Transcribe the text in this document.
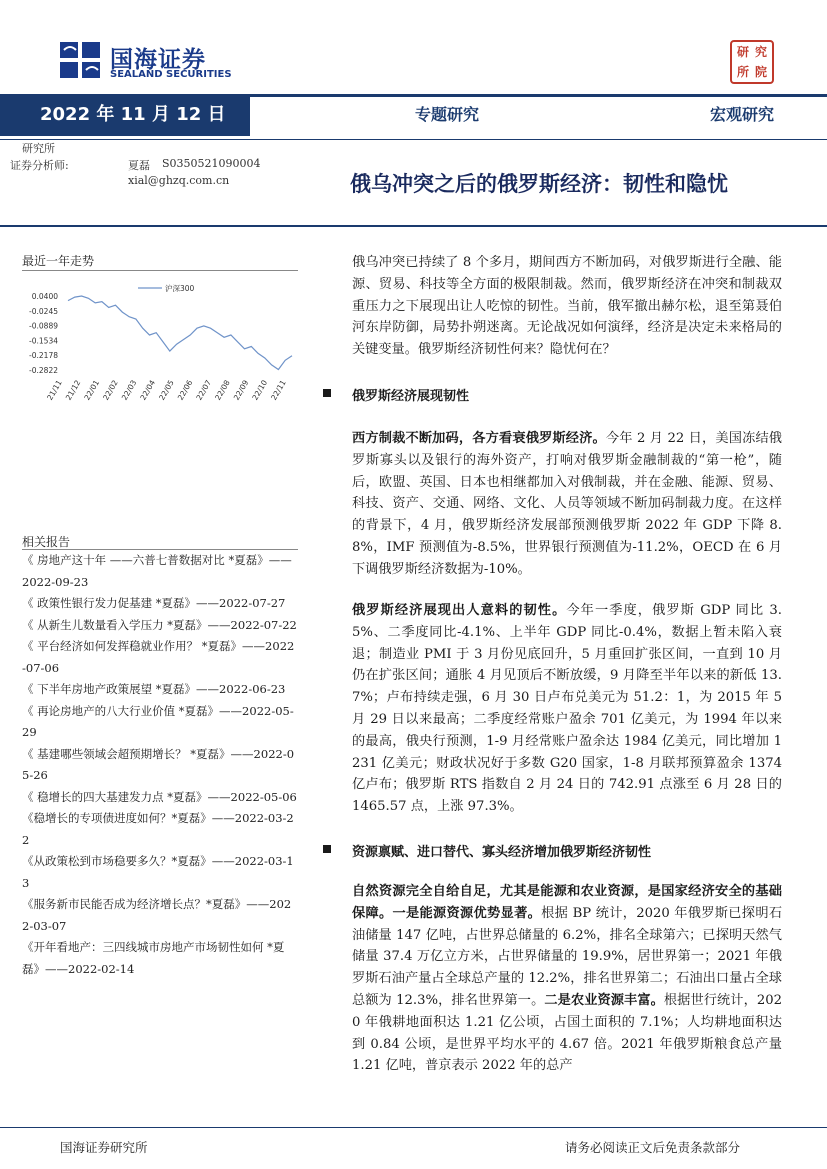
国海证券
SEALAND SECURITIES
研 究
所 院
2022 年 11 月 12 日	专题研究	宏观研究
研究所
证券分析师:	夏磊 S0350521090004
xial@ghzq.com.cn	俄乌冲突之后的俄罗斯经济：韧性和隐忧
最近一年走势
0.0400
-0.0245
-0.0889
-0.1534
-0.2178
-0.2822
21/11 21/12 22/01 22/02 22/03 22/04 22/05 22/06 22/07 22/08 22/09 22/10 22/11
沪深300
相关报告
《 房地产这十年 ——六普七普数据对比 *夏磊》——2022-09-23
《 政策性银行发力促基建 *夏磊》——2022-07-27
《 从新生儿数量看入学压力 *夏磊》——2022-07-22
《 平台经济如何发挥稳就业作用？ *夏磊》——2022-07-06
《 下半年房地产政策展望 *夏磊》——2022-06-23
《 再论房地产的八大行业价值 *夏磊》——2022-05-29
《 基建哪些领域会超预期增长？ *夏磊》——2022-05-26
《 稳增长的四大基建发力点 *夏磊》——2022-05-06
《稳增长的专项债进度如何？*夏磊》——2022-03-22
《从政策松到市场稳要多久？*夏磊》——2022-03-13
《服务新市民能否成为经济增长点？*夏磊》——2022-03-07
《开年看地产：三四线城市房地产市场韧性如何 *夏磊》——2022-02-14
俄乌冲突已持续了 8 个多月，期间西方不断加码，对俄罗斯进行全融、能源、贸易、科技等全方面的极限制裁。然而，俄罗斯经济在冲突和制裁双重压力之下展现出让人吃惊的韧性。当前，俄军撤出赫尔松，退至第聂伯河东岸防御，局势扑朔迷离。无论战况如何演绎，经济是决定未来格局的关键变量。俄罗斯经济韧性何来？隐忧何在？
俄罗斯经济展现韧性
西方制裁不断加码，各方看衰俄罗斯经济。今年 2 月 22 日，美国冻结俄罗斯寡头以及银行的海外资产，打响对俄罗斯金融制裁的“第一枪”，随后，欧盟、英国、日本也相继都加入对俄制裁，并在金融、能源、贸易、科技、资产、交通、网络、文化、人员等领域不断加码制裁力度。在这样的背景下，4 月，俄罗斯经济发展部预测俄罗斯 2022 年 GDP 下降 8.8%，IMF 预测值为-8.5%，世界银行预测值为-11.2%，OECD 在 6 月下调俄罗斯经济数据为-10%。
俄罗斯经济展现出人意料的韧性。今年一季度，俄罗斯 GDP 同比 3.5%、二季度同比-4.1%、上半年 GDP 同比-0.4%，数据上暂未陷入衰退；制造业 PMI 于 3 月份见底回升，5 月重回扩张区间，一直到 10 月仍在扩张区间；通胀 4 月见顶后不断放缓，9 月降至半年以来的新低 13.7%；卢布持续走强，6 月 30 日卢布兑美元为 51.2：1，为 2015 年 5 月 29 日以来最高；二季度经常账户盈余 701 亿美元，为 1994 年以来的最高，俄央行预测，1-9 月经常账户盈余达 1984 亿美元，同比增加 1231 亿美元；财政状况好于多数 G20 国家，1-8 月联邦预算盈余 1374 亿卢布；俄罗斯 RTS 指数自 2 月 24 日的 742.91 点涨至 6 月 28 日的 1465.57 点，上涨 97.3%。
资源禀赋、进口替代、寡头经济增加俄罗斯经济韧性
自然资源完全自给自足，尤其是能源和农业资源，是国家经济安全的基础保障。一是能源资源优势显著。根据 BP 统计，2020 年俄罗斯已探明石油储量 147 亿吨，占世界总储量的 6.2%，排名全球第六；已探明天然气储量 37.4 万亿立方米，占世界储量的 19.9%，居世界第一；2021 年俄罗斯石油产量占全球总产量的 12.2%，排名世界第二；石油出口量占全球总额为 12.3%，排名世界第一。二是农业资源丰富。根据世行统计，2020 年俄耕地面积达 1.21 亿公顷，占国土面积的 7.1%；人均耕地面积达到 0.84 公顷，是世界平均水平的 4.67 倍。2021 年俄罗斯粮食总产量 1.21 亿吨，普京表示 2022 年的总产
国海证券研究所	请务必阅读正文后免责条款部分
